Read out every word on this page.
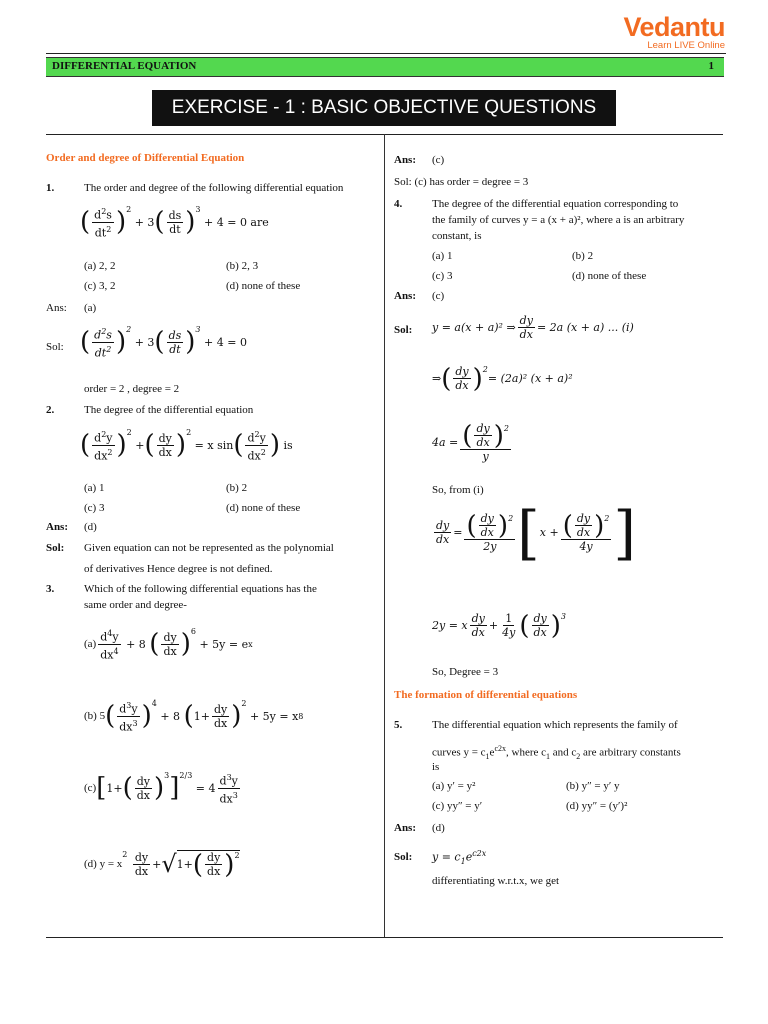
Vedantu
Learn LIVE Online
DIFFERENTIAL EQUATION	1
EXERCISE - 1 : BASIC OBJECTIVE QUESTIONS
Order and degree of Differential Equation
1.	The order and degree of the following differential equation
( $\frac{d^2s}{dt^2}$ ) 2
+ 3 ( $\frac{ds}{dt}$ ) 3

+ 4 = 0 are
(a) 2, 2	(b) 2, 3
(c) 3, 2	(d) none of these
Ans: (a)
Sol: ( $\frac{d^2s}{dt^2}$ ) 2
+ 3 ( $\frac{ds}{dt}$ ) 3

+ 4 = 0
order = 2 , degree = 2
2.	The degree of the differential equation
( $\frac{d^2y}{dx^2}$ ) 2
+ ( $\frac{dy}{dx}$ ) 2

= x sin ( $\frac{d^2y}{dx^2}$ )
is
(a) 1	(b) 2
(c) 3	(d) none of these
Ans: (d)
Sol: Given equation can not be represented as the polynomial
of derivatives Hence degree is not defined.
3.	Which of the following differential equations has the
same order and degree-
$(a) \frac{d^4y}{dx^4} + 8$ ( $\frac{dy}{dx}$ ) 6

+ 5y = e x
(b) 5 ( $\frac{d^3y}{dx^3}$ ) 4
+ 8 ( $1+ \frac{dy}{dx}$ ) 2

+ 5y = x 8
(c) [ 1+ ( $\frac{dy}{dx}$ ) 3 ] 2/3

= $4 \frac{d^3y}{dx^3}$
(d) y = x
2
$\frac{dy}{dx}$ + √ 1+ ( $\frac{dy}{dx}$ ) 2
Ans: (c)
Sol: (c) has order = degree = 3
4.	The degree of the differential equation corresponding to
the family of curves y = a (x + a)², where a is an arbitrary
constant, is
(a) 1	(b) 2
(c) 3	(d) none of these
Ans: (c)
Sol: y = a(x + a)² ⇒ $\frac{dy}{dx} = 2a$ (x + a) ... (i)
⇒ ( $\frac{dy}{dx}$ ) 2
= (2a)² (x + a)²
$4a = \frac{( \frac{dy}{dx} ) 2}{y}$
So, from (i)
$\frac{dy}{dx} = \frac{( \frac{dy}{dx} ) 2}{2y}$ [ $x + \frac{( \frac{dy}{dx} ) 2}{4y}$ ]
2y = x $\frac{dy}{dx} + \frac{1}{4y}$ ( $\frac{dy}{dx}$ ) 3
So, Degree = 3
The formation of differential equations
5.	The differential equation which represents the family of
curves $y = c_1e^{c2x}$, where $c_1$ and $c_2$ are arbitrary constants
is
(a) y′ = y²	(b) y″ = y′ y
(c) yy″ = y′	(d) yy″ = (y′)²
Ans: (d)
Sol: $y = c_1e^{c2x}$
differentiating w.r.t.x, we get
